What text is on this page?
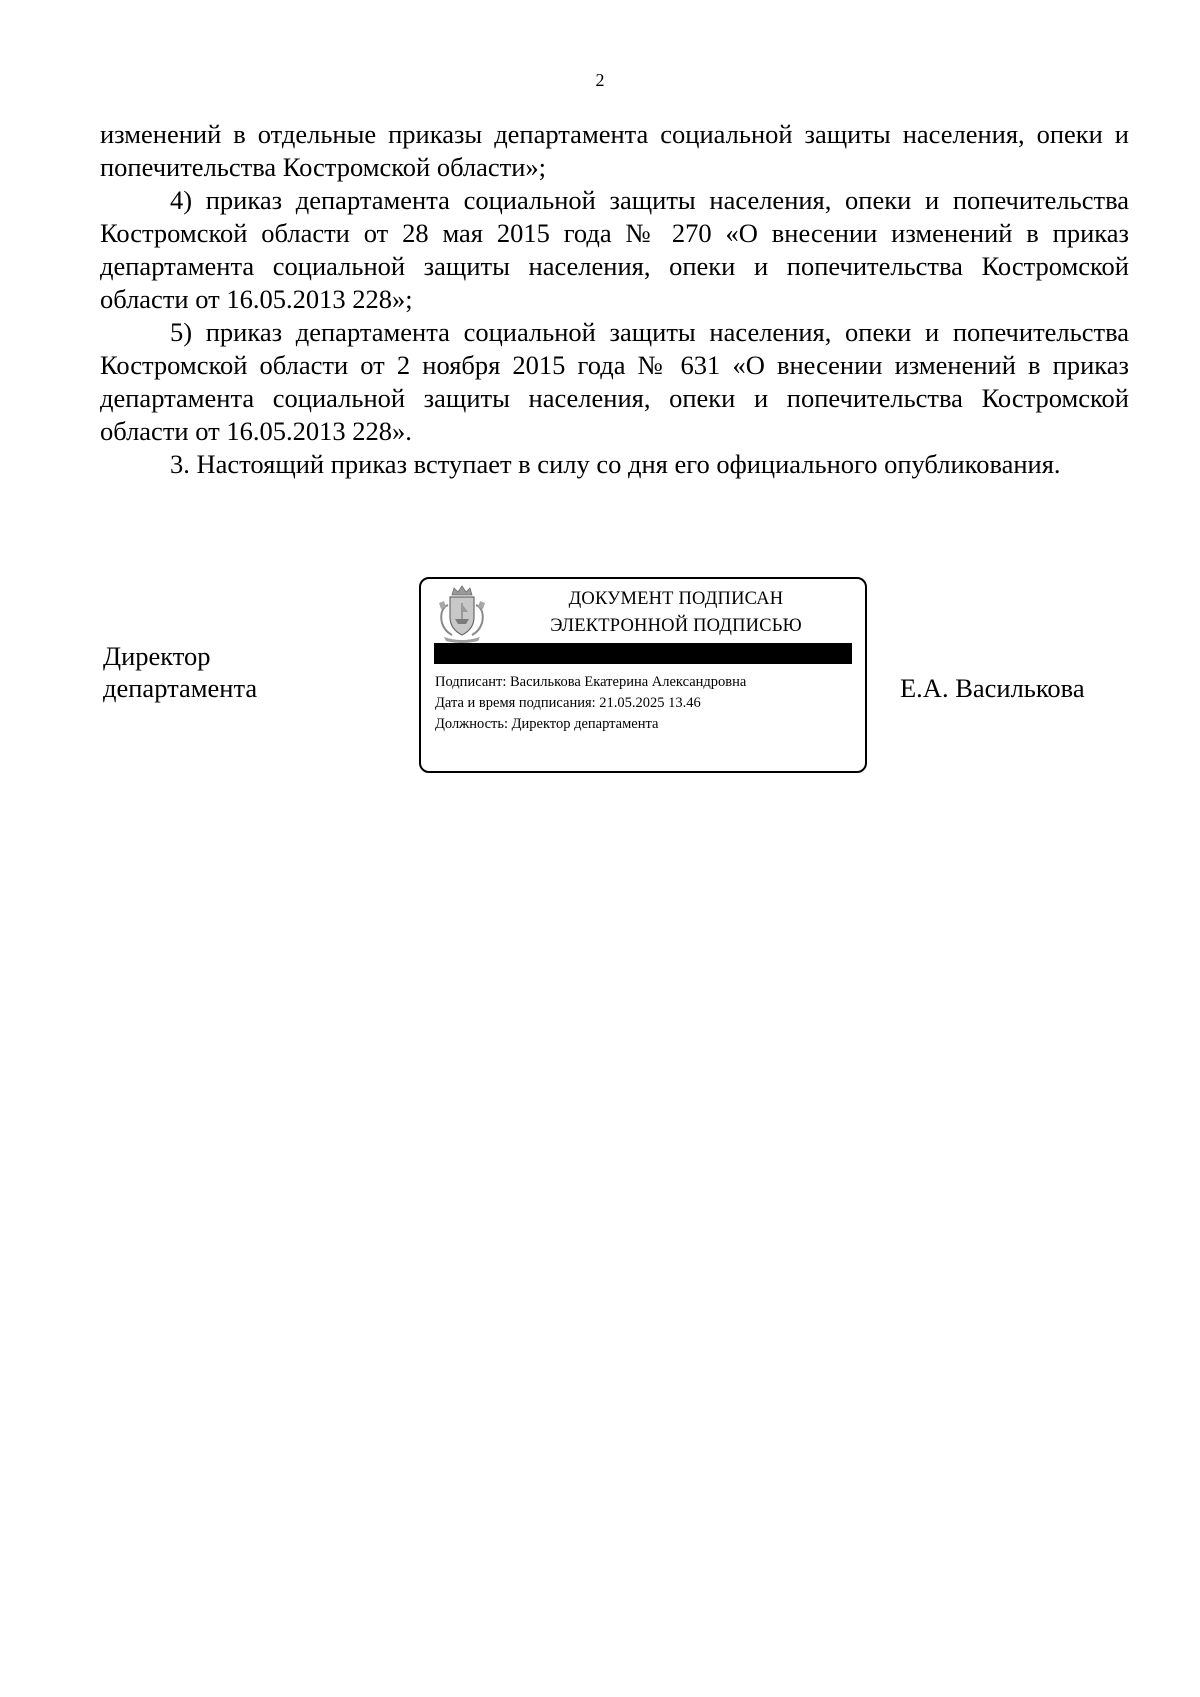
2

изменений в отдельные приказы департамента социальной защиты населения, опеки и попечительства Костромской области»;

4) приказ департамента социальной защиты населения, опеки и попечительства Костромской области от 28 мая 2015 года № 270 «О внесении изменений в приказ департамента социальной защиты населения, опеки и попечительства Костромской области от 16.05.2013 228»;

5) приказ департамента социальной защиты населения, опеки и попечительства Костромской области от 2 ноября 2015 года № 631 «О внесении изменений в приказ департамента социальной защиты населения, опеки и попечительства Костромской области от 16.05.2013 228».

3. Настоящий приказ вступает в силу со дня его официального опубликования.

Директор
департамента
ДОКУМЕНТ ПОДПИСАН
ЭЛЕКТРОННОЙ ПОДПИСЬЮ
Подписант: Василькова Екатерина Александровна
Дата и время подписания: 21.05.2025 13.46
Должность: Директор департамента
Е.А. Василькова
